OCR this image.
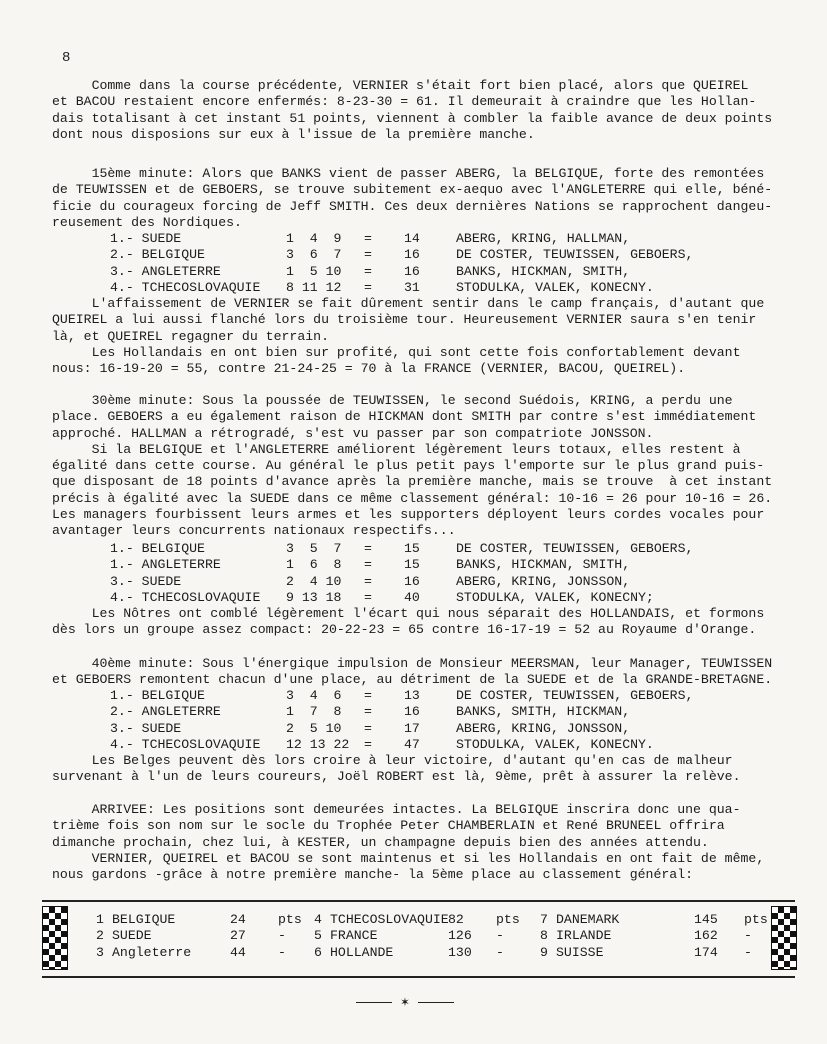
8
Comme dans la course précédente, VERNIER s'était fort bien placé, alors que QUEIREL
et BACOU restaient encore enfermés: 8-23-30 = 61. Il demeurait à craindre que les Hollan-
dais totalisant à cet instant 51 points, viennent à combler la faible avance de deux points
dont nous disposions sur eux à l'issue de la première manche.
15ème minute: Alors que BANKS vient de passer ABERG, la BELGIQUE, forte des remontées
de TEUWISSEN et de GEBOERS, se trouve subitement ex-aequo avec l'ANGLETERRE qui elle, béné-
ficie du courageux forcing de Jeff SMITH. Ces deux dernières Nations se rapprochent dangeu-
reusement des Nordiques.
1.- SUEDE	1  4  9 = 14	ABERG, KRING, HALLMAN,
2.- BELGIQUE	3  6  7 = 16	DE COSTER, TEUWISSEN, GEBOERS,
3.- ANGLETERRE	1  5 10 = 16	BANKS, HICKMAN, SMITH,
4.- TCHECOSLOVAQUIE 8 11 12 = 31	STODULKA, VALEK, KONECNY.
L'affaissement de VERNIER se fait dûrement sentir dans le camp français, d'autant que
QUEIREL a lui aussi flanché lors du troisième tour. Heureusement VERNIER saura s'en tenir
là, et QUEIREL regagner du terrain.
Les Hollandais en ont bien sur profité, qui sont cette fois confortablement devant
nous: 16-19-20 = 55, contre 21-24-25 = 70 à la FRANCE (VERNIER, BACOU, QUEIREL).
30ème minute: Sous la poussée de TEUWISSEN, le second Suédois, KRING, a perdu une
place. GEBOERS a eu également raison de HICKMAN dont SMITH par contre s'est immédiatement
approché. HALLMAN a rétrogradé, s'est vu passer par son compatriote JONSSON.
Si la BELGIQUE et l'ANGLETERRE améliorent légèrement leurs totaux, elles restent à
égalité dans cette course. Au général le plus petit pays l'emporte sur le plus grand puis-
que disposant de 18 points d'avance après la première manche, mais se trouve  à cet instant
précis à égalité avec la SUEDE dans ce même classement général: 10-16 = 26 pour 10-16 = 26.
Les managers fourbissent leurs armes et les supporters déployent leurs cordes vocales pour
avantager leurs concurrents nationaux respectifs...
1.- BELGIQUE	3  5  7 = 15	DE COSTER, TEUWISSEN, GEBOERS,
1.- ANGLETERRE	1  6  8 = 15	BANKS, HICKMAN, SMITH,
3.- SUEDE	2  4 10 = 16	ABERG, KRING, JONSSON,
4.- TCHECOSLOVAQUIE 9 13 18 = 40	STODULKA, VALEK, KONECNY;
Les Nôtres ont comblé légèrement l'écart qui nous séparait des HOLLANDAIS, et formons
dès lors un groupe assez compact: 20-22-23 = 65 contre 16-17-19 = 52 au Royaume d'Orange.
40ème minute: Sous l'énergique impulsion de Monsieur MEERSMAN, leur Manager, TEUWISSEN
et GEBOERS remontent chacun d'une place, au détriment de la SUEDE et de la GRANDE-BRETAGNE.
1.- BELGIQUE	3  4  6 = 13	DE COSTER, TEUWISSEN, GEBOERS,
2.- ANGLETERRE	1  7  8 = 16	BANKS, SMITH, HICKMAN,
3.- SUEDE	2  5 10 = 17	ABERG, KRING, JONSSON,
4.- TCHECOSLOVAQUIE 12 13 22 = 47	STODULKA, VALEK, KONECNY.
Les Belges peuvent dès lors croire à leur victoire, d'autant qu'en cas de malheur
survenant à l'un de leurs coureurs, Joël ROBERT est là, 9ème, prêt à assurer la relève.
ARRIVEE: Les positions sont demeurées intactes. La BELGIQUE inscrira donc une qua-
trième fois son nom sur le socle du Trophée Peter CHAMBERLAIN et René BRUNEEL offrira
dimanche prochain, chez lui, à KESTER, un champagne depuis bien des années attendu.
VERNIER, QUEIREL et BACOU se sont maintenus et si les Hollandais en ont fait de même,
nous gardons -grâce à notre première manche- la 5ème place au classement général:
1 BELGIQUE	24 pts 4 TCHECOSLOVAQUIE 82 pts 7 DANEMARK	145 pts
2 SUEDE	27 - 5 FRANCE	126 -	8 IRLANDE	162 -
3 Angleterre	44 - 6 HOLLANDE	130 -	9 SUISSE	174 -
✶
